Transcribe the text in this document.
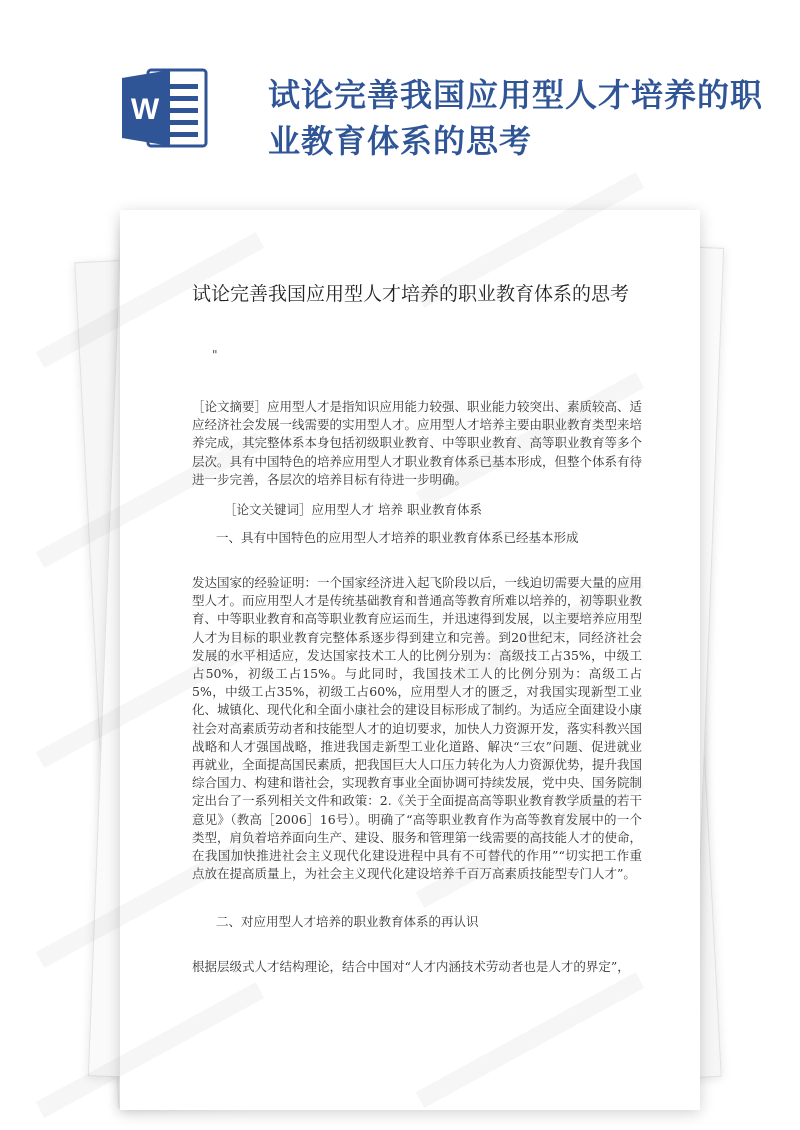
W	试论完善我国应用型人才培养的职业教育体系的思考
试论完善我国应用型人才培养的职业教育体系的思考
"
［论文摘要］应用型人才是指知识应用能力较强、职业能力较突出、素质较高、适应经济社会发展一线需要的实用型人才。应用型人才培养主要由职业教育类型来培养完成，其完整体系本身包括初级职业教育、中等职业教育、高等职业教育等多个层次。具有中国特色的培养应用型人才职业教育体系已基本形成，但整个体系有待进一步完善，各层次的培养目标有待进一步明确。
［论文关键词］应用型人才 培养 职业教育体系
一、具有中国特色的应用型人才培养的职业教育体系已经基本形成
发达国家的经验证明：一个国家经济进入起飞阶段以后，一线迫切需要大量的应用型人才。而应用型人才是传统基础教育和普通高等教育所难以培养的，初等职业教育、中等职业教育和高等职业教育应运而生，并迅速得到发展，以主要培养应用型人才为目标的职业教育完整体系逐步得到建立和完善。到20世纪末，同经济社会发展的水平相适应，发达国家技术工人的比例分别为：高级技工占35%，中级工占50%，初级工占15%。与此同时，我国技术工人的比例分别为：高级工占5%，中级工占35%，初级工占60%，应用型人才的匮乏，对我国实现新型工业化、城镇化、现代化和全面小康社会的建设目标形成了制约。为适应全面建设小康社会对高素质劳动者和技能型人才的迫切要求，加快人力资源开发，落实科教兴国战略和人才强国战略，推进我国走新型工业化道路、解决“三农”问题、促进就业再就业，全面提高国民素质，把我国巨大人口压力转化为人力资源优势，提升我国综合国力、构建和谐社会，实现教育事业全面协调可持续发展，党中央、国务院制定出台了一系列相关文件和政策：2.《关于全面提高高等职业教育教学质量的若干意见》（教高［2006］16号）。明确了“高等职业教育作为高等教育发展中的一个类型，肩负着培养面向生产、建设、服务和管理第一线需要的高技能人才的使命，在我国加快推进社会主义现代化建设进程中具有不可替代的作用”“切实把工作重点放在提高质量上，为社会主义现代化建设培养千百万高素质技能型专门人才”。
二、对应用型人才培养的职业教育体系的再认识
根据层级式人才结构理论，结合中国对“人才内涵技术劳动者也是人才的界定”，
